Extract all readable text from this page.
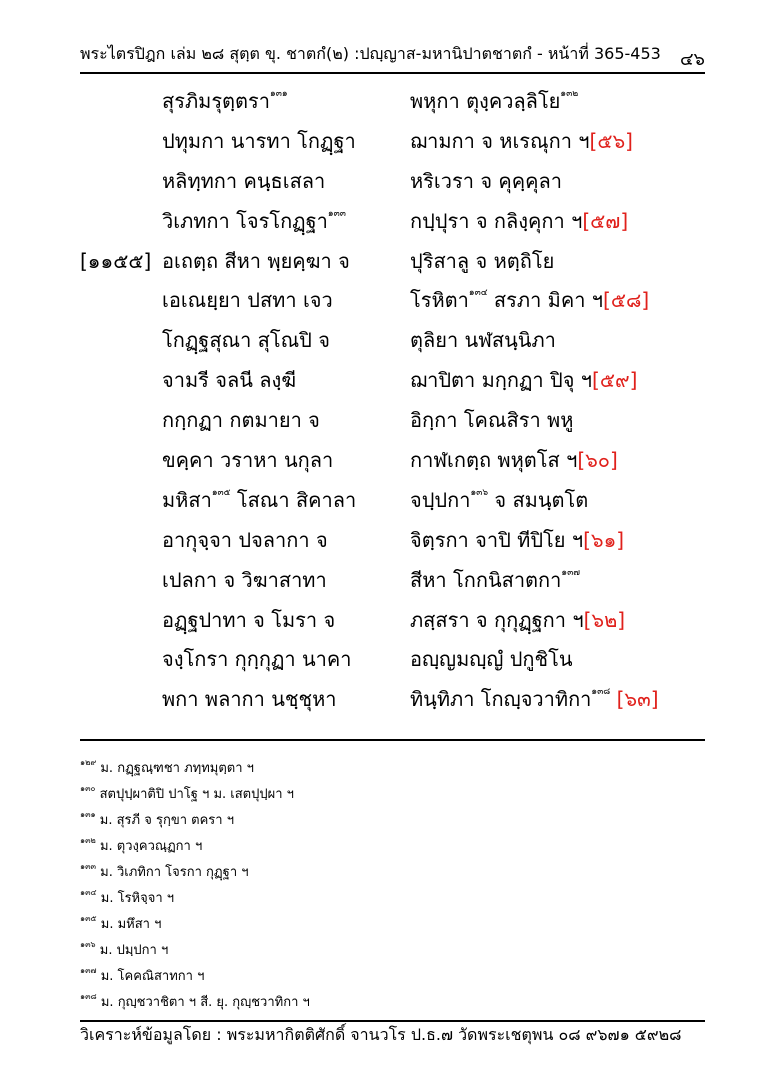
พระไตรปิฎก เล่ม ๒๘ สุตฺต ขุ. ชาตกํ(๒) :ปญฺญาส-มหานิปาตชาตกํ - หน้าที่ 365-453 ๔๖
สุรภิมรุตฺตรา$^{๑๓๑}$	พหุกา ตุงฺควลฺลิโย$^{๑๓๒}$
ปทุมกา นารทา โกฏฺฐา	ฌามกา จ หเรณุกา ฯ[๕๖]
หลิทฺทกา คนฺธเสลา	หริเวรา จ คุคฺคุลา
วิเภทกา โจรโกฏฺฐา$^{๑๓๓}$	กปฺปุรา จ กลิงฺคุกา ฯ[๕๗]
[๑๑๕๕] อเถตฺถ สีหา พฺยคฺฆา จ	ปุริสาลู จ หตฺถิโย
เอเณยฺยา ปสทา เจว	โรหิตา$^{๑๓๔}$ สรภา มิคา ฯ[๕๘]
โกฏฺฐสุณา สุโณปิ จ	ตุลิยา นฬสนฺนิภา
จามรี จลนี ลงฺฆี	ฌาปิตา มกฺกฏา ปิจุ ฯ[๕๙]
กกฺกฏา กตมายา จ	อิกฺกา โคณสิรา พหู
ขคฺคา วราหา นกุลา	กาฬเกตฺถ พหุตโส ฯ[๖๐]
มหิสา$^{๑๓๕}$ โสณา สิคาลา	จปฺปกา$^{๑๓๖}$ จ สมนฺตโต
อากุจฺจา ปจลากา จ	จิตฺรกา จาปิ ทีปิโย ฯ[๖๑]
เปลกา จ วิฆาสาทา	สีหา โกกนิสาตกา$^{๑๓๗}$
อฏฺฐปาทา จ โมรา จ	ภสฺสรา จ กุกุฏฺฐกา ฯ[๖๒]
จงฺโกรา กุกฺกุฏา นาคา	อญฺญมญฺญํ ปกูชิโน
พกา พลากา นชฺชุหา	ทินฺทิภา โกญฺจวาทิกา$^{๑๓๘}$ [๖๓]
$^{๑๒๙}$ ม. กฏฺฐณฺฑชา ภทฺทมุตฺตา ฯ
$^{๑๓๐}$ สตปุปฺผาติปิ ปาโฐ ฯ ม. เสตปุปฺผา ฯ
$^{๑๓๑}$ ม. สุรภี จ รุกฺขา ตครา ฯ
$^{๑๓๒}$ ม. ตุวงฺควณฺฏกา ฯ
$^{๑๓๓}$ ม. วิเภทิกา โจรกา กุฏฺฐา ฯ
$^{๑๓๔}$ ม. โรหิจฺจา ฯ
$^{๑๓๕}$ ม. มหึสา ฯ
$^{๑๓๖}$ ม. ปมฺปกา ฯ
$^{๑๓๗}$ ม. โคคณิสาทกา ฯ
$^{๑๓๘}$ ม. กุญฺชวาชิตา ฯ สี. ยุ. กุญฺชวาทิกา ฯ
วิเคราะห์ข้อมูลโดย : พระมหากิตติศักดิ์ จานวโร ป.ธ.๗ วัดพระเชตุพน ๐๘ ๙๖๗๑ ๕๙๒๘
